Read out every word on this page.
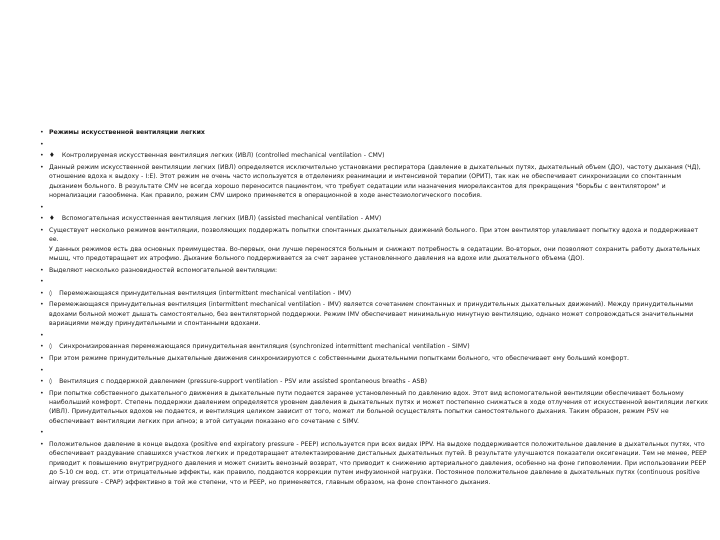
• Режимы искусственной вентиляции легких
•
• ♦ Контролируемая искусственная вентиляция легких (ИВЛ) (controlled mechanical ventilation - CMV)
• Данный режим искусственной вентиляции легких (ИВЛ) определяется исключительно установками респиратора (давление в дыхательных путях, дыхательный объем (ДО), частоту дыхания (ЧД), отношение вдоха к выдоху - I:E). Этот режим не очень часто используется в отделениях реанимации и интенсивной терапии (ОРИТ), так как не обеспечивает синхронизации со спонтанным дыханием больного. В результате CMV не всегда хорошо переносится пациентом, что требует седатации или назначения миорелаксантов для прекращения "борьбы с вентилятором" и нормализации газообмена. Как правило, режим CMV широко применяется в операционной в ходе анестезиологического пособия.
•
• ♦ Вспомогательная искусственная вентиляция легких (ИВЛ) (assisted mechanical ventilation - AMV)
• Существует несколько режимов вентиляции, позволяющих поддержать попытки спонтанных дыхательных движений больного. При этом вентилятор улавливает попытку вдоха и поддерживает ее.
У данных режимов есть два основных преимущества. Во-первых, они лучше переносятся больным и снижают потребность в седатации. Во-вторых, они позволяют сохранить работу дыхательных мышц, что предотвращает их атрофию. Дыхание больного поддерживается за счет заранее установленного давления на вдохе или дыхательного объема (ДО).
• Выделяют несколько разновидностей вспомогательной вентиляции:
•
• ◊ Перемежающаяся принудительная вентиляция (intermittent mechanical ventilation - IMV)
• Перемежающаяся принудительная вентиляция (intermittent mechanical ventilation - IMV) является сочетанием спонтанных и принудительных дыхательных движений). Между принудительными вдохами больной может дышать самостоятельно, без вентиляторной поддержки. Режим IMV обеспечивает минимальную минутную вентиляцию, однако может сопровождаться значительными вариациями между принудительными и спонтанными вдохами.
•
• ◊ Синхронизированная перемежающаяся принудительная вентиляция (synchronized intermittent mechanical ventilation - SIMV)
• При этом режиме принудительные дыхательные движения синхронизируются с собственными дыхательными попытками больного, что обеспечивает ему больший комфорт.
•
• ◊ Вентиляция с поддержкой давлением (pressure-support ventilation - PSV или assisted spontaneous breaths - ASB)
• При попытке собственного дыхательного движения в дыхательные пути подается заранее установленный по давлению вдох. Этот вид вспомогательной вентиляции обеспечивает больному наибольший комфорт. Степень поддержки давлением определяется уровнем давления в дыхательных путях и может постепенно снижаться в ходе отлучения от искусственной вентиляции легких (ИВЛ). Принудительных вдохов не подается, и вентиляция целиком зависит от того, может ли больной осуществлять попытки самостоятельного дыхания. Таким образом, режим PSV не обеспечивает вентиляции легких при апноэ; в этой ситуации показано его сочетание с SIMV.
•
• Положительное давление в конце выдоха (positive end expiratory pressure - PEEP) используется при всех видах IPPV. На выдохе поддерживается положительное давление в дыхательных путях, что обеспечивает раздувание спавшихся участков легких и предотвращает ателектазирование дистальных дыхательных путей. В результате улучшаются показатели оксигенации. Тем не менее, PEEP приводит к повышению внутригрудного давления и может снизить венозный возврат, что приводит к снижению артериального давления, особенно на фоне гиповолемии. При использовании PEEP до 5-10 см вод. ст. эти отрицательные эффекты, как правило, поддаются коррекции путем инфузионной нагрузки. Постоянное положительное давление в дыхательных путях (continuous positive airway pressure - CPAP) эффективно в той же степени, что и PEEP, но применяется, главным образом, на фоне спонтанного дыхания.
